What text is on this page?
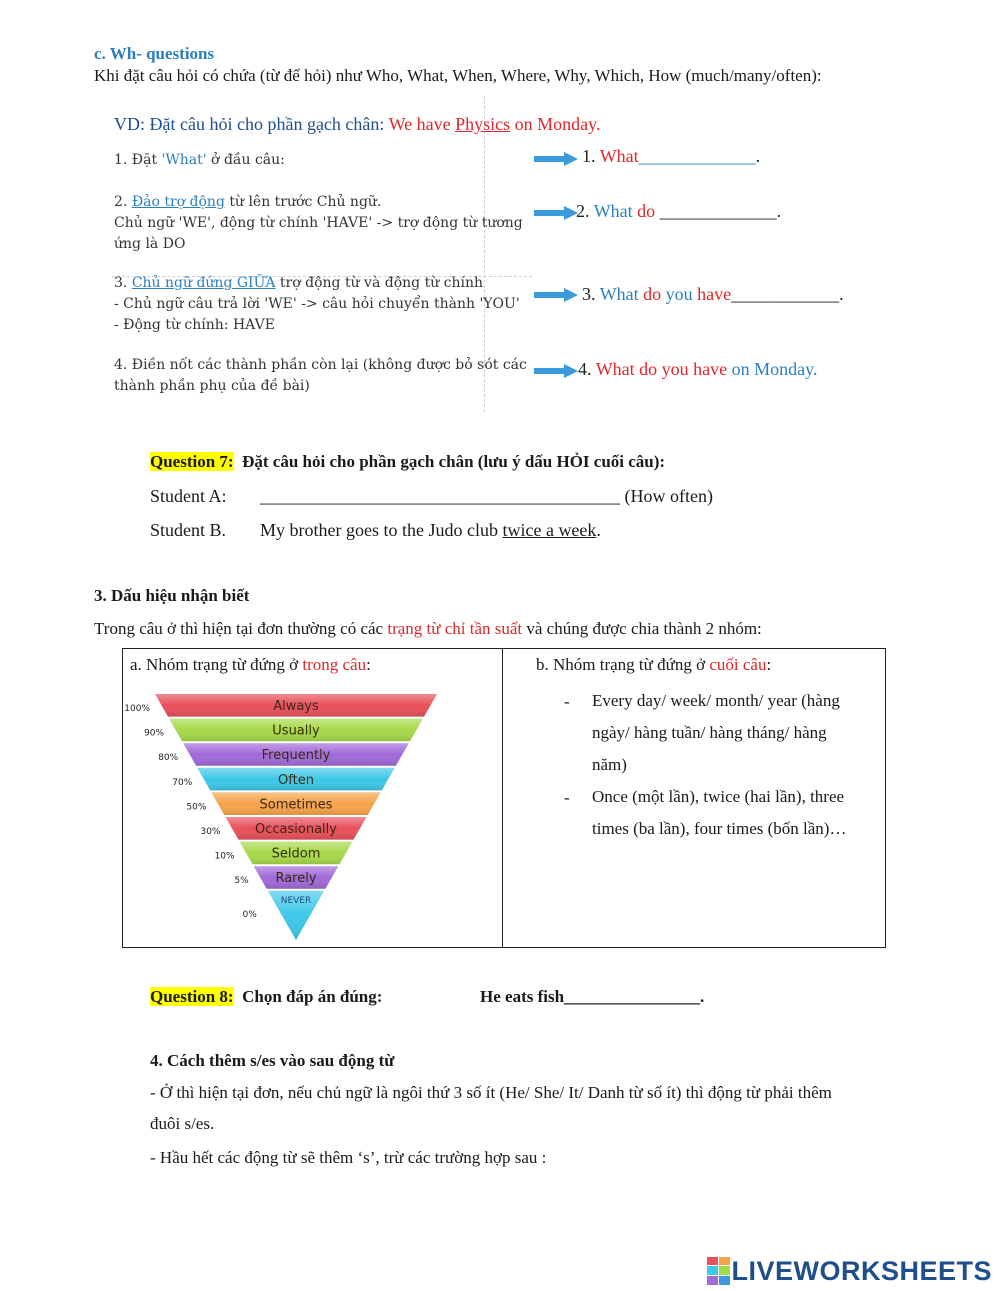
c. Wh- questions
Khi đặt câu hỏi có chứa (từ để hỏi) như Who, What, When, Where, Why, Which, How (much/many/often):
VD: Đặt câu hỏi cho phần gạch chân: We have Physics on Monday.
1. Đặt 'What' ở đầu câu:
2. Đảo trợ động từ lên trước Chủ ngữ.
Chủ ngữ 'WE', động từ chính 'HAVE' -> trợ động từ tương
ứng là DO
3. Chủ ngữ đứng GIỮA trợ động từ và động từ chính
- Chủ ngữ câu trả lời 'WE' -> câu hỏi chuyển thành 'YOU'
- Động từ chính: HAVE
4. Điền nốt các thành phần còn lại (không được bỏ sót các
thành phần phụ của đề bài)
1. What_____________.
2. What do _____________.
3. What do you have____________.
4. What do you have on Monday.
Question 7: Đặt câu hỏi cho phần gạch chân (lưu ý dấu HỎI cuối câu):
Student A: ________________________________________ (How often)
Student B. My brother goes to the Judo club twice a week.
3. Dấu hiệu nhận biết
Trong câu ở thì hiện tại đơn thường có các trạng từ chỉ tần suất và chúng được chia thành 2 nhóm:
a. Nhóm trạng từ đứng ở trong câu:	b. Nhóm trạng từ đứng ở cuối câu:
100%
90%
80%
70%
50%
30%
10%
5%
0%
Always
Usually
Frequently
Often
Sometimes
Occasionally
Seldom
Rarely
NEVER
- Every day/ week/ month/ year (hàng
ngày/ hàng tuần/ hàng tháng/ hàng
năm)
- Once (một lần), twice (hai lần), three
times (ba lần), four times (bốn lần)…
Question 8: Chọn đáp án đúng:	He eats fish________________.
4. Cách thêm s/es vào sau động từ
- Ở thì hiện tại đơn, nếu chủ ngữ là ngôi thứ 3 số ít (He/ She/ It/ Danh từ số ít) thì động từ phải thêm
đuôi s/es.
- Hầu hết các động từ sẽ thêm ‘s’, trừ các trường hợp sau :
LIVEWORKSHEETS
